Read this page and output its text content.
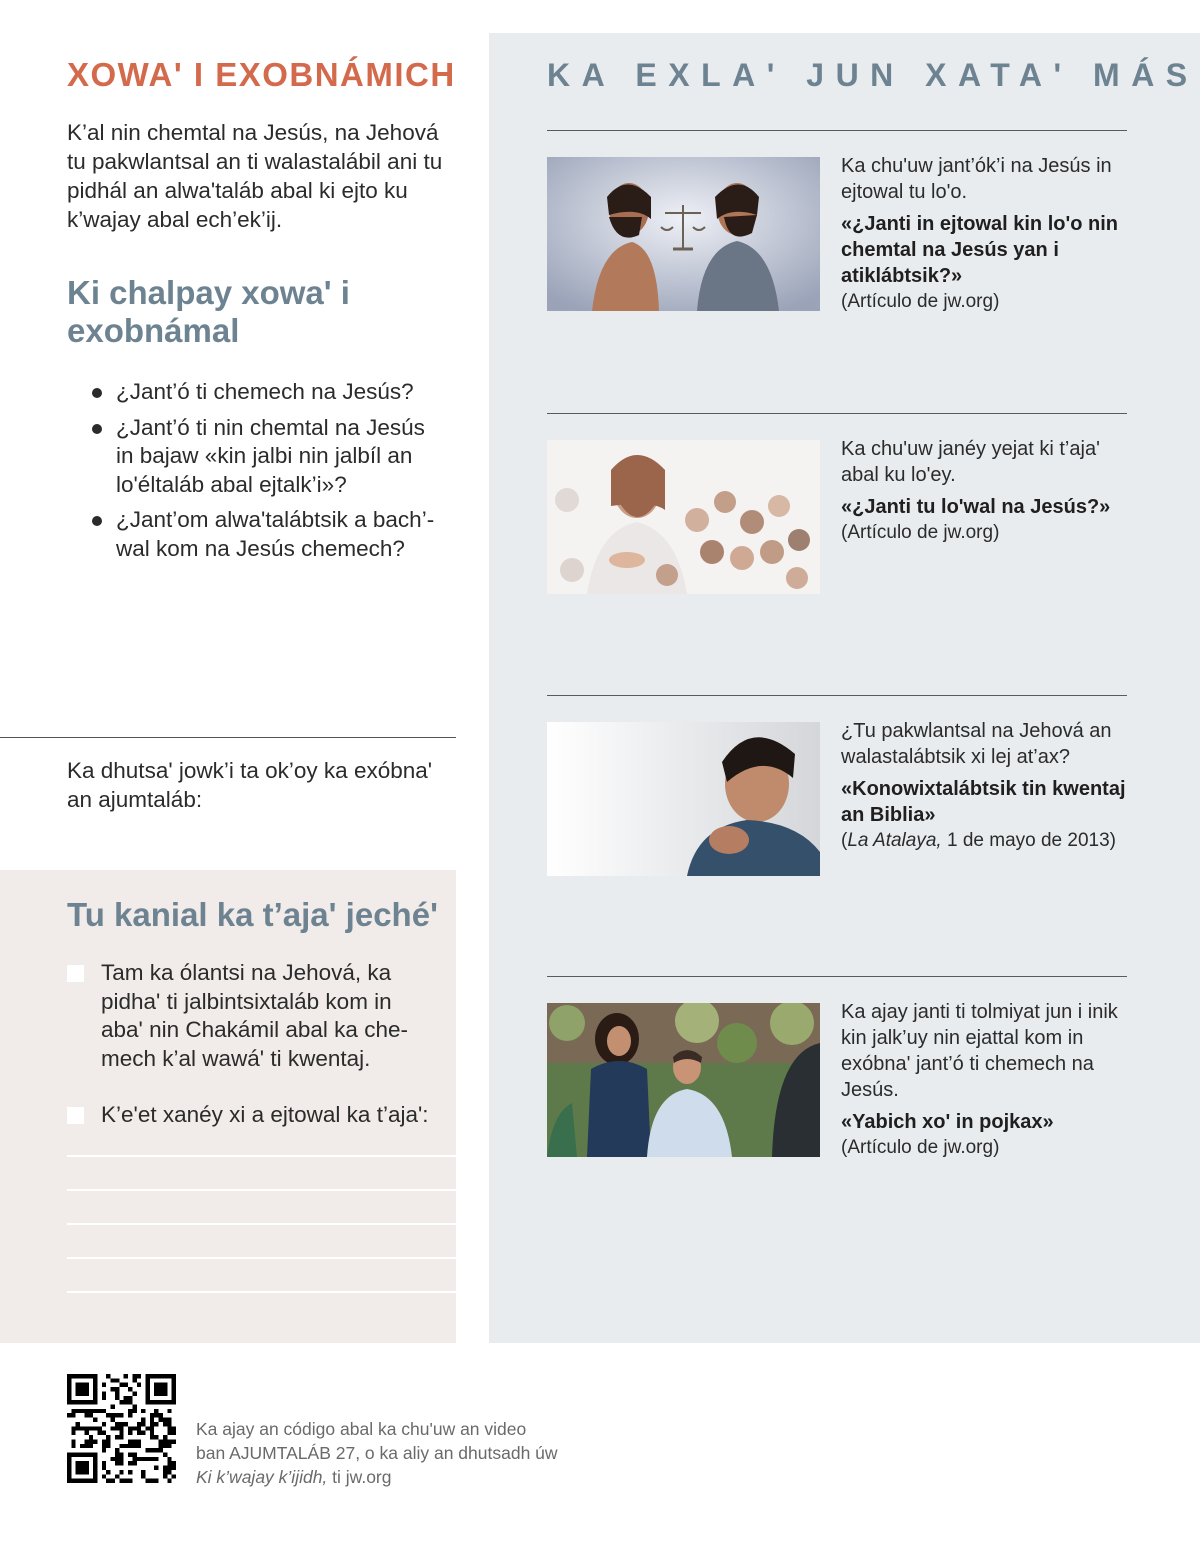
XOWA' I EXOBNÁMICH

K’al nin chemtal na Jesús, na Jehová tu pakwlantsal an ti walastalábil ani tu pidhál an alwa'taláb abal ki ejto ku k’wajay abal ech’ek’ij.

Ki chalpay xowa' i exobnámal
¿Jant’ó ti chemech na Jesús?
¿Jant’ó ti nin chemtal na Jesús in bajaw «kin jalbi nin jalbíl an lo'éltaláb abal ejtalk’i»?
¿Jant’om alwa'talábtsik a bach’-wal kom na Jesús chemech?

Ka dhutsa' jowk’i ta ok’oy ka exóbna' an ajumtaláb:

Tu kanial ka t’aja' jeché'
Tam ka ólantsi na Jehová, ka pidha' ti jalbintsixtaláb kom in aba' nin Chakámil abal ka che-mech k’al wawá' ti kwentaj.
K’e'et xanéy xi a ejtowal ka t’aja':
KA EXLA' JUN XATA' MÁS
Ka chu'uw jant’ók’i na Jesús in ejtowal tu lo'o.
«¿Janti in ejtowal kin lo'o nin chemtal na Jesús yan i atiklábtsik?»
(Artículo de jw.org)
Ka chu'uw janéy yejat ki t’aja' abal ku lo'ey.
«¿Janti tu lo'wal na Jesús?»
(Artículo de jw.org)
¿Tu pakwlantsal na Jehová an walastalábtsik xi lej at’ax?
«Konowixtalábtsik tin kwentaj an Biblia»
(La Atalaya, 1 de mayo de 2013)
Ka ajay janti ti tolmiyat jun i inik kin jalk’uy nin ejattal kom in exóbna' jant’ó ti chemech na Jesús.
«Yabich xo' in pojkax»
(Artículo de jw.org)
Ka ajay an código abal ka chu'uw an video
ban AJUMTALÁB 27, o ka aliy an dhutsadh úw
Ki k’wajay k’ijidh, ti jw.org
